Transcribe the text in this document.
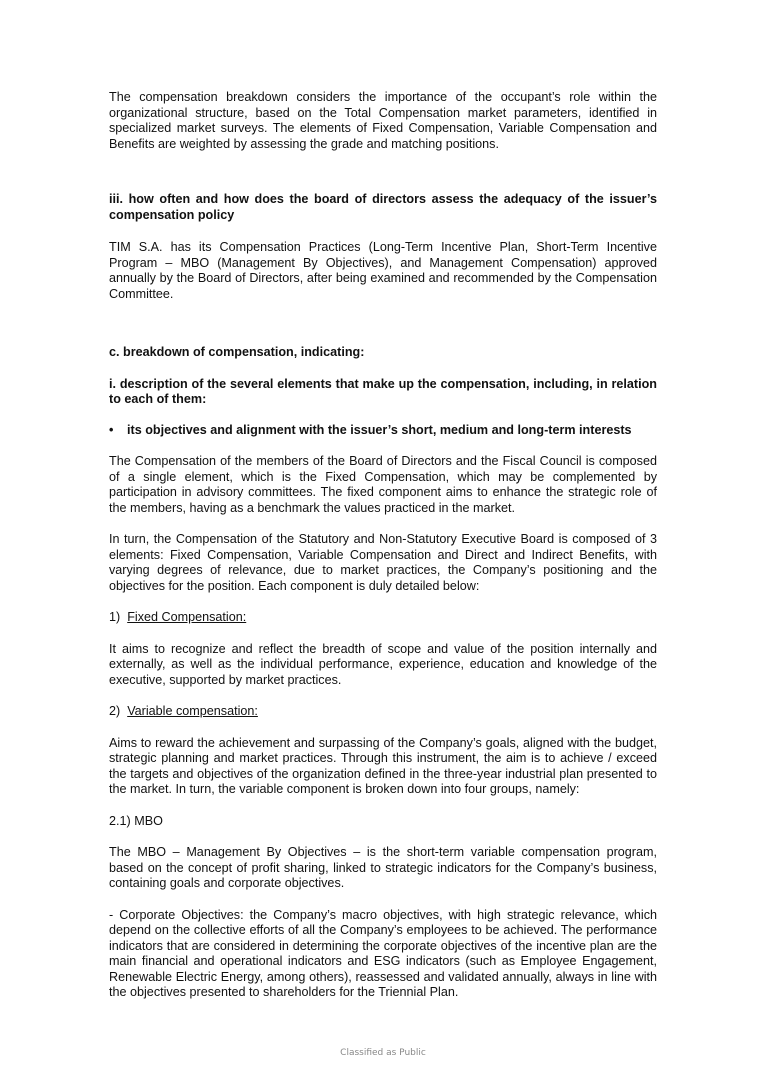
The compensation breakdown considers the importance of the occupant’s role within the organizational structure, based on the Total Compensation market parameters, identified in specialized market surveys. The elements of Fixed Compensation, Variable Compensation and Benefits are weighted by assessing the grade and matching positions.

iii. how often and how does the board of directors assess the adequacy of the issuer’s compensation policy

TIM S.A. has its Compensation Practices (Long-Term Incentive Plan, Short-Term Incentive Program – MBO (Management By Objectives), and Management Compensation) approved annually by the Board of Directors, after being examined and recommended by the Compensation Committee.

c. breakdown of compensation, indicating:

i. description of the several elements that make up the compensation, including, in relation to each of them:

•	its objectives and alignment with the issuer’s short, medium and long-term interests

The Compensation of the members of the Board of Directors and the Fiscal Council is composed of a single element, which is the Fixed Compensation, which may be complemented by participation in advisory committees. The fixed component aims to enhance the strategic role of the members, having as a benchmark the values practiced in the market.

In turn, the Compensation of the Statutory and Non-Statutory Executive Board is composed of 3 elements: Fixed Compensation, Variable Compensation and Direct and Indirect Benefits, with varying degrees of relevance, due to market practices, the Company’s positioning and the objectives for the position. Each component is duly detailed below:

1) Fixed Compensation:

It aims to recognize and reflect the breadth of scope and value of the position internally and externally, as well as the individual performance, experience, education and knowledge of the executive, supported by market practices.

2) Variable compensation:

Aims to reward the achievement and surpassing of the Company’s goals, aligned with the budget, strategic planning and market practices. Through this instrument, the aim is to achieve / exceed the targets and objectives of the organization defined in the three-year industrial plan presented to the market. In turn, the variable component is broken down into four groups, namely:

2.1) MBO

The MBO – Management By Objectives – is the short-term variable compensation program, based on the concept of profit sharing, linked to strategic indicators for the Company’s business, containing goals and corporate objectives.

- Corporate Objectives: the Company’s macro objectives, with high strategic relevance, which depend on the collective efforts of all the Company’s employees to be achieved. The performance indicators that are considered in determining the corporate objectives of the incentive plan are the main financial and operational indicators and ESG indicators (such as Employee Engagement, Renewable Electric Energy, among others), reassessed and validated annually, always in line with the objectives presented to shareholders for the Triennial Plan.

Classified as Public
